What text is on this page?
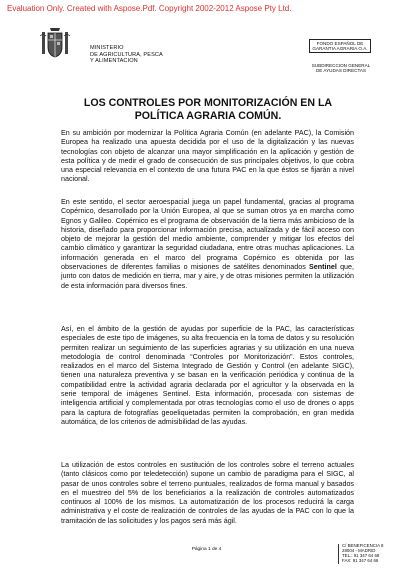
Evaluation Only. Created with Aspose.Pdf. Copyright 2002-2012 Aspose Pty Ltd.
MINISTERIO
DE AGRICULTURA, PESCA
Y ALIMENTACION
FONDO ESPAÑOL DE
GARANTIA AGRARIA O.A.
SUBDIRECCION GENERAL
DE AYUDAS DIRECTAS
LOS CONTROLES POR MONITORIZACIÓN EN LA
POLÍTICA AGRARIA COMÚN.

En su ambición por modernizar la Política Agraria Común (en adelante PAC), la Comisión Europea ha realizado una apuesta decidida por el uso de la digitalización y las nuevas tecnologías con objeto de alcanzar una mayor simplificación en la aplicación y gestión de esta política y de medir el grado de consecución de sus principales objetivos, lo que cobra una especial relevancia en el contexto de una futura PAC en la que éstos se fijarán a nivel nacional.

En este sentido, el sector aeroespacial juega un papel fundamental, gracias al programa Copérnico, desarrollado por la Unión Europea, al que se suman otros ya en marcha como Egnos y Galileo. Copérnico es el programa de observación de la tierra más ambicioso de la historia, diseñado para proporcionar información precisa, actualizada y de fácil acceso con objeto de mejorar la gestión del medio ambiente, comprender y mitigar los efectos del cambio climático y garantizar la seguridad ciudadana, entre otras muchas aplicaciones. La información generada en el marco del programa Copérnico es obtenida por las observaciones de diferentes familias o misiones de satélites denominados Sentinel que, junto con datos de medición en tierra, mar y aire, y de otras misiones permiten la utilización de esta información para diversos fines.

Así, en el ámbito de la gestión de ayudas por superficie de la PAC, las características especiales de este tipo de imágenes, su alta frecuencia en la toma de datos y su resolución permiten realizar un seguimiento de las superficies agrarias y su utilización en una nueva metodología de control denominada “Controles por Monitorización”. Estos controles, realizados en el marco del Sistema Integrado de Gestión y Control (en adelante SIGC), tienen una naturaleza preventiva y se basan en la verificación periódica y continua de la compatibilidad entre la actividad agraria declarada por el agricultor y la observada en la serie temporal de imágenes Sentinel. Esta información, procesada con sistemas de inteligencia artificial y complementada por otras tecnologías como el uso de drones o apps para la captura de fotografías geoeliquetadas permiten la comprobación, en gran medida automática, de los criterios de admisibilidad de las ayudas.

La utilización de estos controles en sustitución de los controles sobre el terreno actuales (tanto clásicos como por teledetección) supone un cambio de paradigma para el SIGC, al pasar de unos controles sobre el terreno puntuales, realizados de forma manual y basados en el muestreo del 5% de los beneficiarios a la realización de controles automatizados continuos al 100% de los mismos. La automatización de los procesos reducirá la carga administrativa y el coste de realización de controles de las ayudas de la PAC con lo que la tramitación de las solicitudes y los pagos será más ágil.

Página 1 de 4
C/ BENEFICENCIA 8
28004 - MADRID
TEL.: 91 347 64 68
FAX: 91 347 64 66
